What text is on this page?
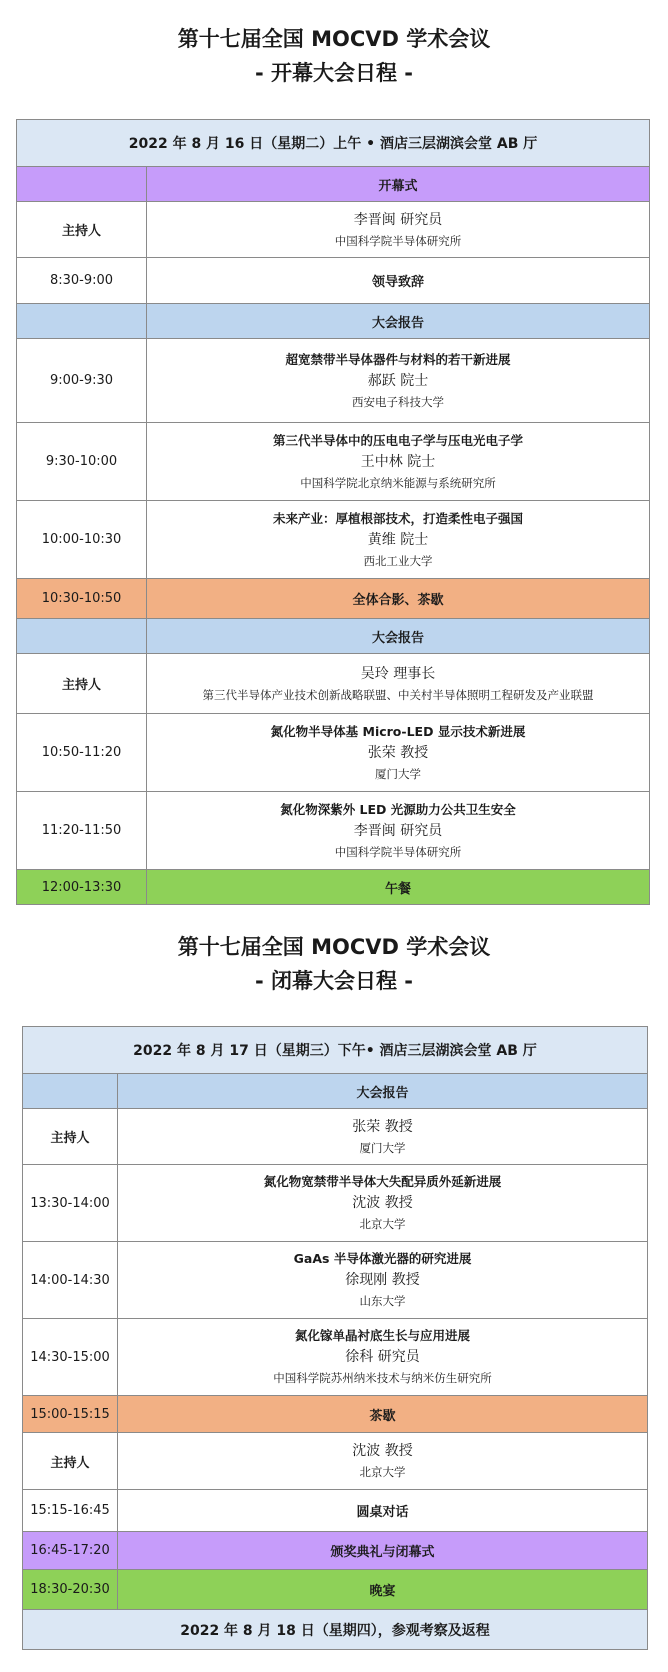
第十七届全国 MOCVD 学术会议
- 开幕大会日程 -
2022 年 8 月 16 日（星期二）上午 • 酒店三层湖滨会堂 AB 厅	
	开幕式
主持人	李晋闽 研究员
中国科学院半导体研究所

8:30-9:00	领导致辞
	大会报告
9:00-9:30	超宽禁带半导体器件与材料的若干新进展
郝跃 院士
西安电子科技大学

9:30-10:00	第三代半导体中的压电电子学与压电光电子学
王中林 院士
中国科学院北京纳米能源与系统研究所

10:00-10:30	未来产业：厚植根部技术，打造柔性电子强国
黄维 院士
西北工业大学

10:30-10:50	全体合影、茶歇
	大会报告
主持人	吴玲 理事长
第三代半导体产业技术创新战略联盟、中关村半导体照明工程研发及产业联盟

10:50-11:20	氮化物半导体基 Micro-LED 显示技术新进展
张荣 教授
厦门大学

11:20-11:50	氮化物深紫外 LED 光源助力公共卫生安全
李晋闽 研究员
中国科学院半导体研究所

12:00-13:30	午餐
第十七届全国 MOCVD 学术会议
- 闭幕大会日程 -
2022 年 8 月 17 日（星期三）下午• 酒店三层湖滨会堂 AB 厅	
	大会报告
主持人	张荣 教授
厦门大学

13:30-14:00	氮化物宽禁带半导体大失配异质外延新进展
沈波 教授
北京大学

14:00-14:30	GaAs 半导体激光器的研究进展
徐现刚 教授
山东大学

14:30-15:00	氮化镓单晶衬底生长与应用进展
徐科 研究员
中国科学院苏州纳米技术与纳米仿生研究所

15:00-15:15	茶歇
主持人	沈波 教授
北京大学

15:15-16:45	圆桌对话
16:45-17:20	颁奖典礼与闭幕式
18:30-20:30	晚宴
2022 年 8 月 18 日（星期四），参观考察及返程	
